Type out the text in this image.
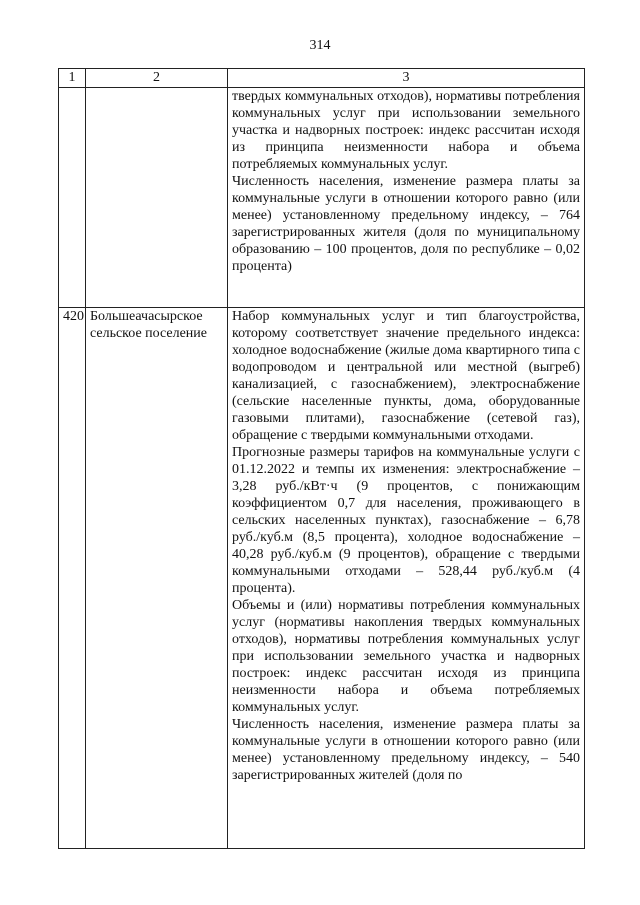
314
1	2	3

		твердых коммунальных отходов), нормативы потребления коммунальных услуг при использовании земельного участка и надворных построек: индекс рассчитан исходя из принципа неизменности набора и объема потребляемых коммунальных услуг.

Численность населения, изменение размера платы за коммунальные услуги в отношении которого равно (или менее) установленному предельному индексу, – 764 зарегистрированных жителя (доля по муниципальному образованию – 100 процентов, доля по республике – 0,02 процента)

420	Большеачасырское сельское поселение	Набор коммунальных услуг и тип благоустройства, которому соответствует значение предельного индекса: холодное водоснабжение (жилые дома квартирного типа с водопроводом и центральной или местной (выгреб) канализацией, с газоснабжением), электроснабжение (сельские населенные пункты, дома, оборудованные газовыми плитами), газоснабжение (сетевой газ), обращение с твердыми коммунальными отходами.

Прогнозные размеры тарифов на коммунальные услуги с 01.12.2022 и темпы их изменения: электроснабжение – 3,28 руб./кВт·ч (9 процентов, с понижающим коэффициентом 0,7 для населения, проживающего в сельских населенных пунктах), газоснабжение – 6,78 руб./куб.м (8,5 процента), холодное водоснабжение – 40,28 руб./куб.м (9 процентов), обращение с твердыми коммунальными отходами – 528,44 руб./куб.м (4 процента).

Объемы и (или) нормативы потребления коммунальных услуг (нормативы накопления твердых коммунальных отходов), нормативы потребления коммунальных услуг при использовании земельного участка и надворных построек: индекс рассчитан исходя из принципа неизменности набора и объема потребляемых коммунальных услуг.

Численность населения, изменение размера платы за коммунальные услуги в отношении которого равно (или менее) установленному предельному индексу, – 540 зарегистрированных жителей (доля по
